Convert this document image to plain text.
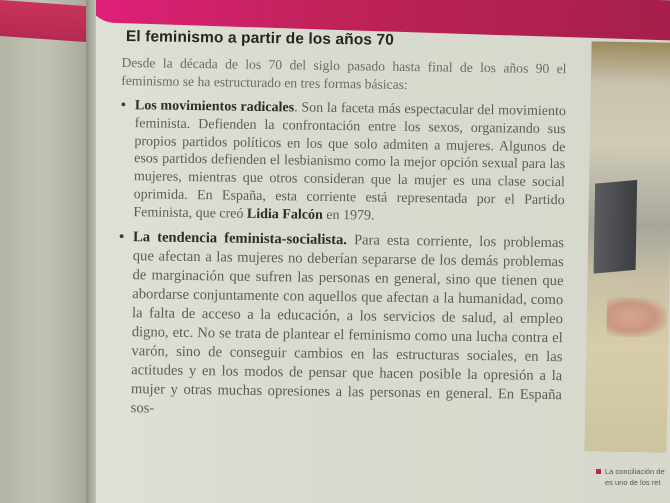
El feminismo a partir de los años 70

Desde la década de los 70 del siglo pasado hasta final de los años 90 el feminismo se ha estructurado en tres formas básicas:

• Los movimientos radicales. Son la faceta más espectacular del movimiento feminista. Defienden la confrontación entre los sexos, organizando sus propios partidos políticos en los que solo admiten a mujeres. Algunos de esos partidos defienden el lesbianismo como la mejor opción sexual para las mujeres, mientras que otros consideran que la mujer es una clase social oprimida. En España, esta corriente está representada por el Partido Feminista, que creó Lidia Falcón en 1979.

• La tendencia feminista-socialista. Para esta corriente, los problemas que afectan a las mujeres no deberían separarse de los demás problemas de marginación que sufren las personas en general, sino que tienen que abordarse conjuntamente con aquellos que afectan a la humanidad, como la falta de acceso a la educación, a los servicios de salud, al empleo digno, etc. No se trata de plantear el feminismo como una lucha contra el varón, sino de conseguir cambios en las estructuras sociales, en las actitudes y en los modos de pensar que hacen posible la opresión a la mujer y otras muchas opresiones a las personas en general. En España sos-

La conciliación de
es uno de los ret
